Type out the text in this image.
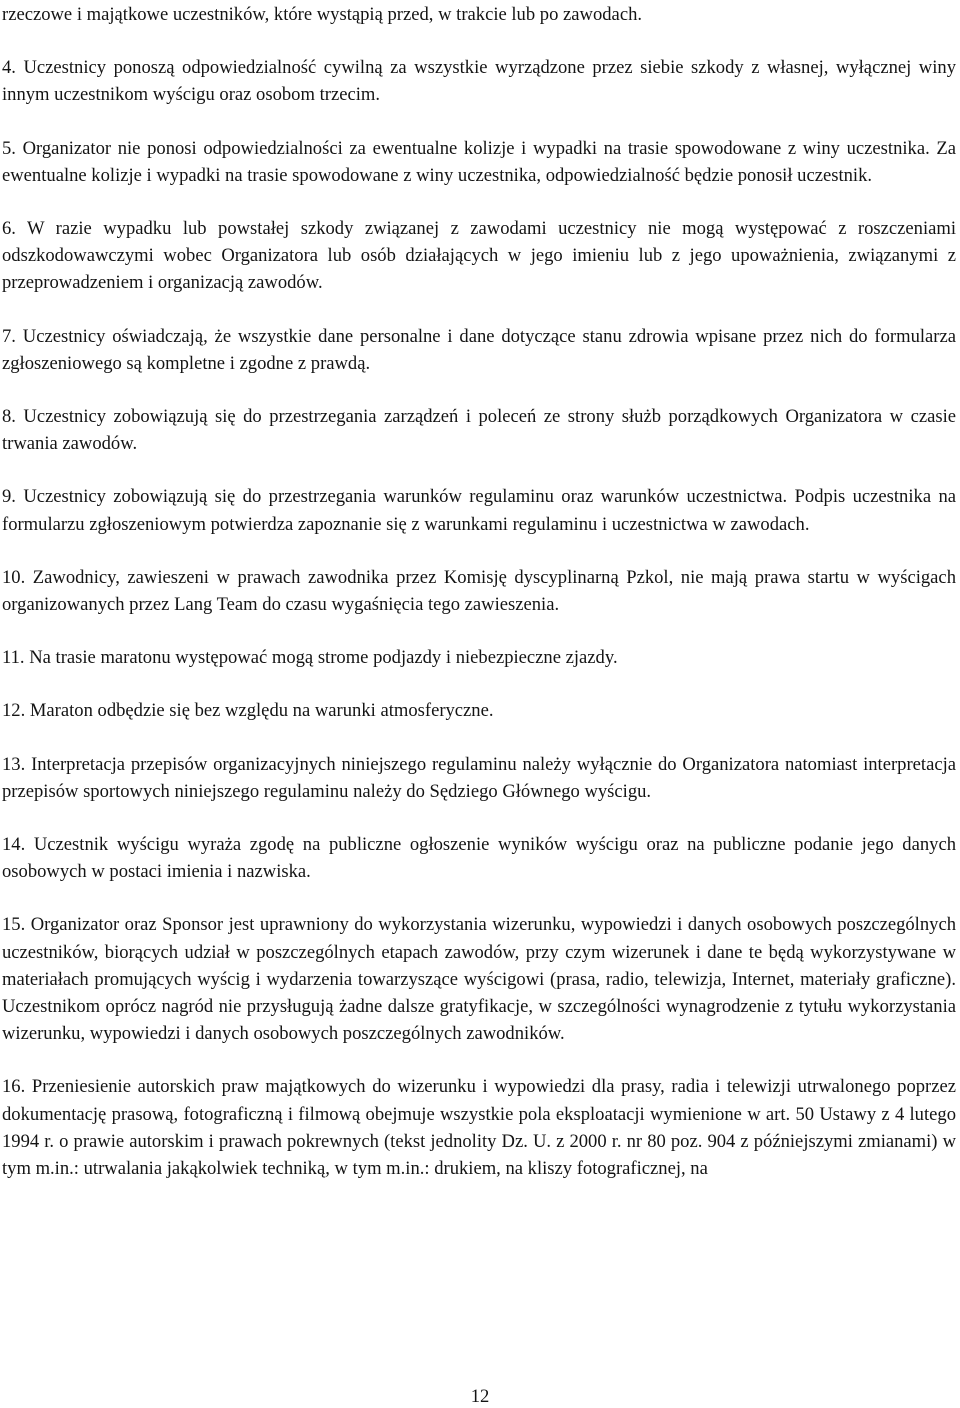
rzeczowe i majątkowe uczestników, które wystąpią przed, w trakcie lub po zawodach.

4. Uczestnicy ponoszą odpowiedzialność cywilną za wszystkie wyrządzone przez siebie szkody z własnej, wyłącznej winy innym uczestnikom wyścigu oraz osobom trzecim.

5. Organizator nie ponosi odpowiedzialności za ewentualne kolizje i wypadki na trasie spowodowane z winy uczestnika. Za ewentualne kolizje i wypadki na trasie spowodowane z winy uczestnika, odpowiedzialność będzie ponosił uczestnik.

6. W razie wypadku lub powstałej szkody związanej z zawodami uczestnicy nie mogą występować z roszczeniami odszkodowawczymi wobec Organizatora lub osób działających w jego imieniu lub z jego upoważnienia, związanymi z przeprowadzeniem i organizacją zawodów.

7. Uczestnicy oświadczają, że wszystkie dane personalne i dane dotyczące stanu zdrowia wpisane przez nich do formularza zgłoszeniowego są kompletne i zgodne z prawdą.

8. Uczestnicy zobowiązują się do przestrzegania zarządzeń i poleceń ze strony służb porządkowych Organizatora w czasie trwania zawodów.

9. Uczestnicy zobowiązują się do przestrzegania warunków regulaminu oraz warunków uczestnictwa. Podpis uczestnika na formularzu zgłoszeniowym potwierdza zapoznanie się z warunkami regulaminu i uczestnictwa w zawodach.

10. Zawodnicy, zawieszeni w prawach zawodnika przez Komisję dyscyplinarną Pzkol, nie mają prawa startu w wyścigach organizowanych przez Lang Team do czasu wygaśnięcia tego zawieszenia.

11. Na trasie maratonu występować mogą strome podjazdy i niebezpieczne zjazdy.

12. Maraton odbędzie się bez względu na warunki atmosferyczne.

13. Interpretacja przepisów organizacyjnych niniejszego regulaminu należy wyłącznie do Organizatora natomiast interpretacja przepisów sportowych niniejszego regulaminu należy do Sędziego Głównego wyścigu.

14. Uczestnik wyścigu wyraża zgodę na publiczne ogłoszenie wyników wyścigu oraz na publiczne podanie jego danych osobowych w postaci imienia i nazwiska.

15. Organizator oraz Sponsor jest uprawniony do wykorzystania wizerunku, wypowiedzi i danych osobowych poszczególnych uczestników, biorących udział w poszczególnych etapach zawodów, przy czym wizerunek i dane te będą wykorzystywane w materiałach promujących wyścig i wydarzenia towarzyszące wyścigowi (prasa, radio, telewizja, Internet, materiały graficzne). Uczestnikom oprócz nagród nie przysługują żadne dalsze gratyfikacje, w szczególności wynagrodzenie z tytułu wykorzystania wizerunku, wypowiedzi i danych osobowych poszczególnych zawodników.

16. Przeniesienie autorskich praw majątkowych do wizerunku i wypowiedzi dla prasy, radia i telewizji utrwalonego poprzez dokumentację prasową, fotograficzną i filmową obejmuje wszystkie pola eksploatacji wymienione w art. 50 Ustawy z 4 lutego 1994 r. o prawie autorskim i prawach pokrewnych (tekst jednolity Dz. U. z 2000 r. nr 80 poz. 904 z późniejszymi zmianami) w tym m.in.: utrwalania jakąkolwiek techniką, w tym m.in.: drukiem, na kliszy fotograficznej, na

12
